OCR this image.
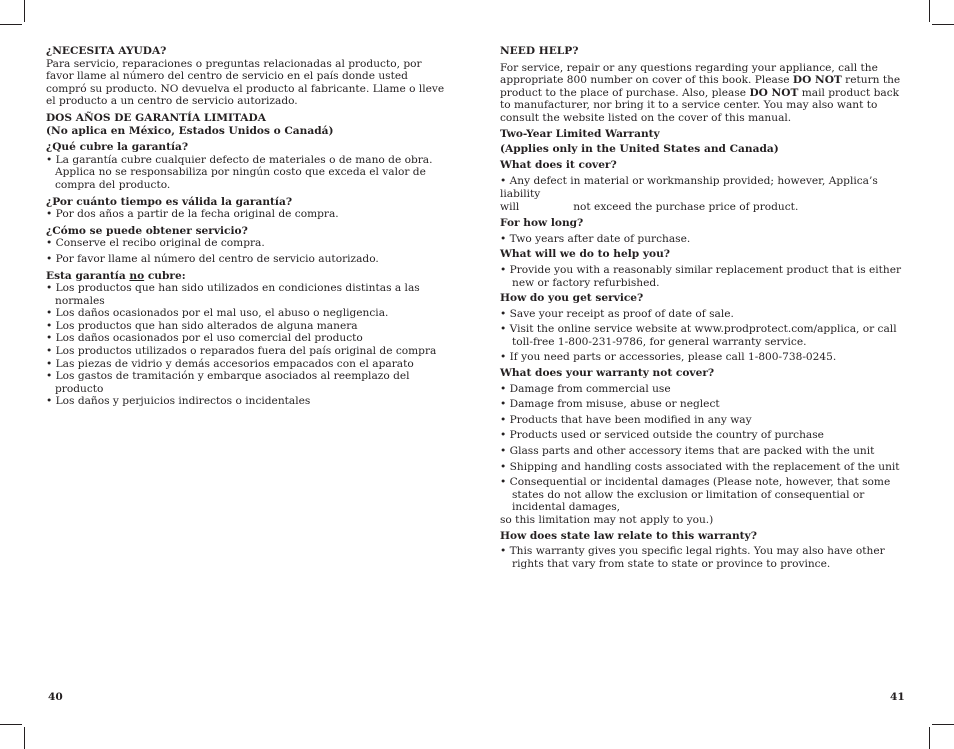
¿NECESITA AYUDA?

Para servicio, reparaciones o preguntas relacionadas al producto, por favor llame al número del centro de servicio en el país donde usted compró su producto. NO devuelva el producto al fabricante. Llame o lleve el producto a un centro de servicio autorizado.

DOS AÑOS DE GARANTÍA LIMITADA

(No aplica en México, Estados Unidos o Canadá)

¿Qué cubre la garantía?

• La garantía cubre cualquier defecto de materiales o de mano de obra. Applica no se responsabiliza por ningún costo que exceda el valor de compra del producto.

¿Por cuánto tiempo es válida la garantía?

• Por dos años a partir de la fecha original de compra.

¿Cómo se puede obtener servicio?

• Conserve el recibo original de compra.

• Por favor llame al número del centro de servicio autorizado.

Esta garantía no cubre:

• Los productos que han sido utilizados en condiciones distintas a las normales

• Los daños ocasionados por el mal uso, el abuso o negligencia.

• Los productos que han sido alterados de alguna manera

• Los daños ocasionados por el uso comercial del producto

• Los productos utilizados o reparados fuera del país original de compra

• Las piezas de vidrio y demás accesorios empacados con el aparato

• Los gastos de tramitación y embarque asociados al reemplazo del producto

• Los daños y perjuicios indirectos o incidentales

NEED HELP?

For service, repair or any questions regarding your appliance, call the appropriate 800 number on cover of this book. Please DO NOT return the product to the place of purchase. Also, please DO NOT mail product back to manufacturer, nor bring it to a service center. You may also want to consult the website listed on the cover of this manual.

Two-Year Limited Warranty

(Applies only in the United States and Canada)

What does it cover?

• Any defect in material or workmanship provided; however, Applica’s liability
will	not exceed the purchase price of product.

For how long?

• Two years after date of purchase.

What will we do to help you?

• Provide you with a reasonably similar replacement product that is either new or factory refurbished.

How do you get service?

• Save your receipt as proof of date of sale.

• Visit the online service website at www.prodprotect.com/applica, or call toll-free 1-800-231-9786, for general warranty service.

• If you need parts or accessories, please call 1-800-738-0245.

What does your warranty not cover?

• Damage from commercial use

• Damage from misuse, abuse or neglect

• Products that have been modified in any way

• Products used or serviced outside the country of purchase

• Glass parts and other accessory items that are packed with the unit

• Shipping and handling costs associated with the replacement of the unit

• Consequential or incidental damages (Please note, however, that some states do not allow the exclusion or limitation of consequential or incidental damages,
so this limitation may not apply to you.)

How does state law relate to this warranty?

• This warranty gives you specific legal rights. You may also have other rights that vary from state to state or province to province.

40	41
